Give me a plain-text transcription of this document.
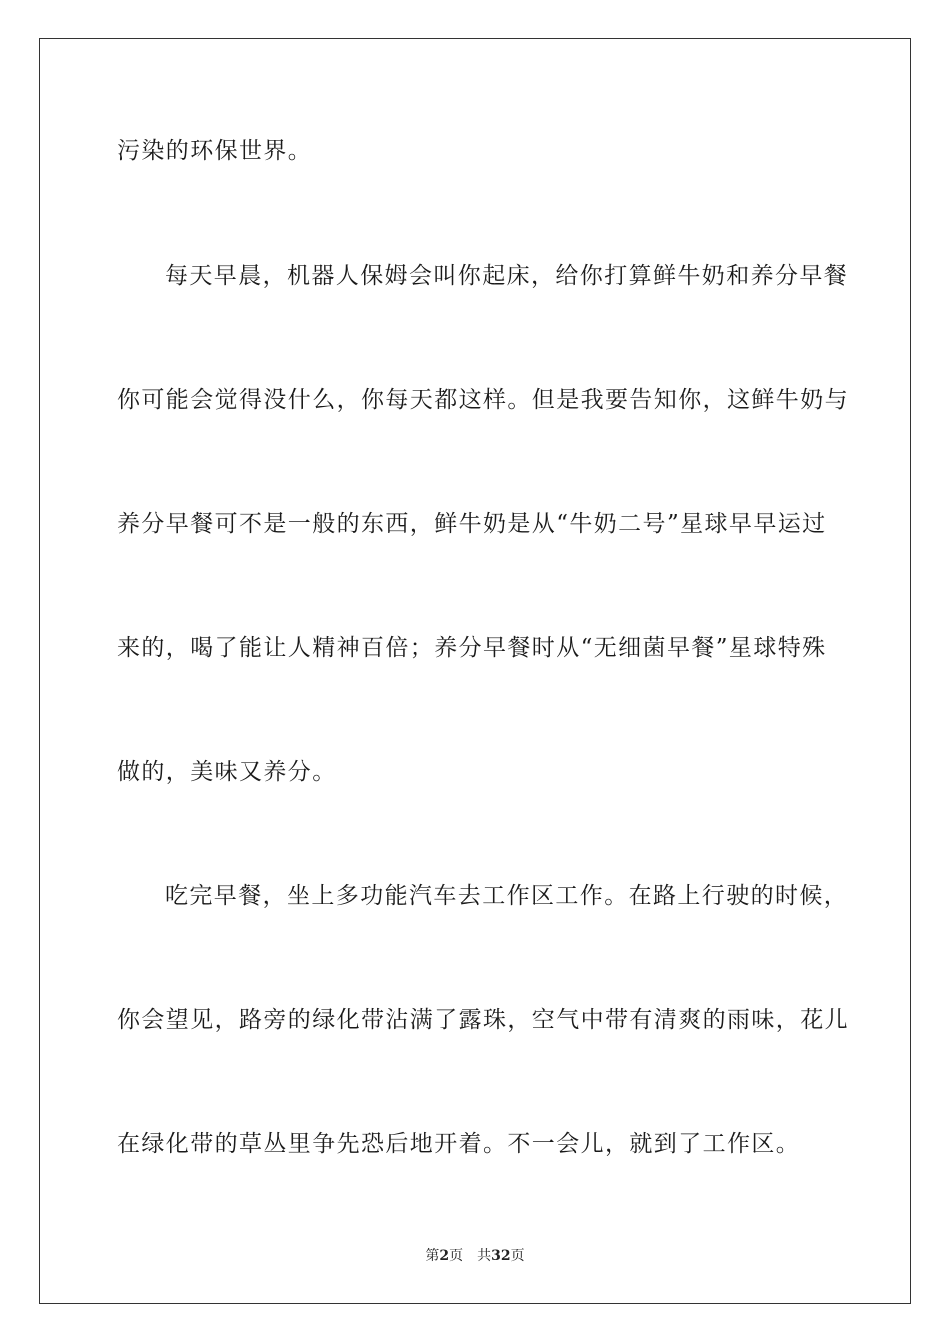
污染的环保世界。
每天早晨，机器人保姆会叫你起床，给你打算鲜牛奶和养分早餐
你可能会觉得没什么，你每天都这样。但是我要告知你，这鲜牛奶与
养分早餐可不是一般的东西，鲜牛奶是从“牛奶二号”星球早早运过
来的，喝了能让人精神百倍；养分早餐时从“无细菌早餐”星球特殊
做的，美味又养分。
吃完早餐，坐上多功能汽车去工作区工作。在路上行驶的时候，
你会望见，路旁的绿化带沾满了露珠，空气中带有清爽的雨味，花儿
在绿化带的草丛里争先恐后地开着。不一会儿，就到了工作区。
第2页 共32页
